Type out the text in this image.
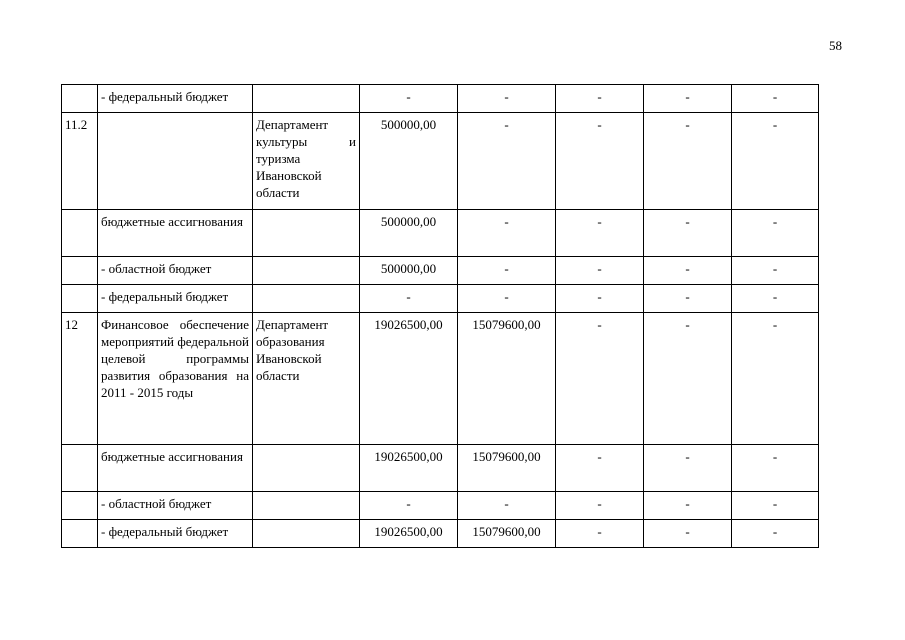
58
	- федеральный бюджет		-	-	-	-	-
11.2		Департамент культуры и туризма Ивановской области	500000,00	-	-	-	-
	бюджетные ассигнования		500000,00	-	-	-	-
	- областной бюджет		500000,00	-	-	-	-
	- федеральный бюджет		-	-	-	-	-
12	Финансовое обеспечение мероприятий федеральной целевой программы развития образования на 2011 - 2015 годы	Департамент образования Ивановской области	19026500,00	15079600,00	-	-	-
	бюджетные ассигнования		19026500,00	15079600,00	-	-	-
	- областной бюджет		-	-	-	-	-
	- федеральный бюджет		19026500,00	15079600,00	-	-	-
